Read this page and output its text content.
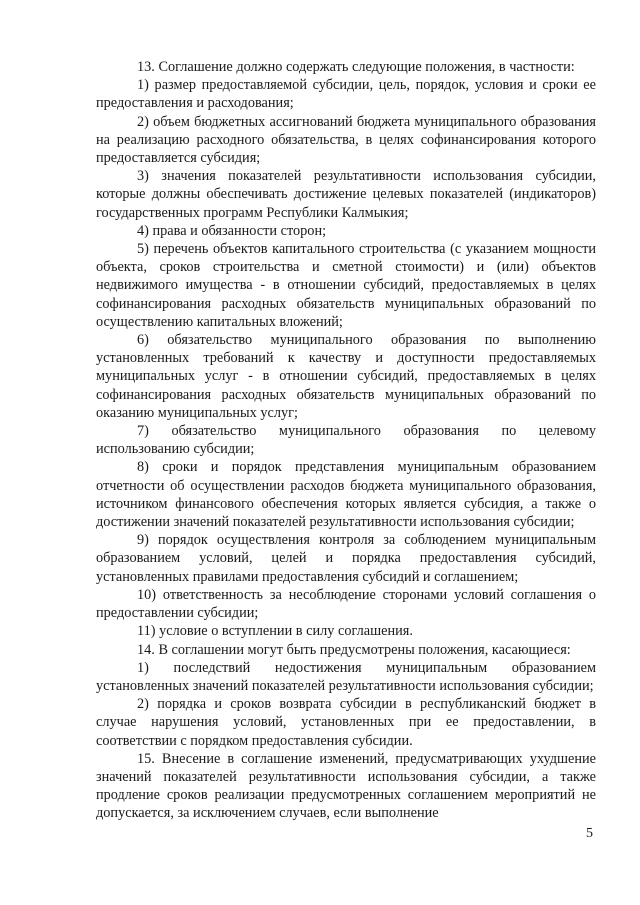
13. Соглашение должно содержать следующие положения, в частности:

1) размер предоставляемой субсидии, цель, порядок, условия и сроки ее предоставления и расходования;

2) объем бюджетных ассигнований бюджета муниципального образования на реализацию расходного обязательства, в целях софинансирования которого предоставляется субсидия;

3) значения показателей результативности использования субсидии, которые должны обеспечивать достижение целевых показателей (индикаторов) государственных программ Республики Калмыкия;

4) права и обязанности сторон;

5) перечень объектов капитального строительства (с указанием мощности объекта, сроков строительства и сметной стоимости) и (или) объектов недвижимого имущества - в отношении субсидий, предоставляемых в целях софинансирования расходных обязательств муниципальных образований по осуществлению капитальных вложений;

6) обязательство муниципального образования по выполнению установленных требований к качеству и доступности предоставляемых муниципальных услуг - в отношении субсидий, предоставляемых в целях софинансирования расходных обязательств муниципальных образований по оказанию муниципальных услуг;

7) обязательство муниципального образования по целевому использованию субсидии;

8) сроки и порядок представления муниципальным образованием отчетности об осуществлении расходов бюджета муниципального образования, источником финансового обеспечения которых является субсидия, а также о достижении значений показателей результативности использования субсидии;

9) порядок осуществления контроля за соблюдением муниципальным образованием условий, целей и порядка предоставления субсидий, установленных правилами предоставления субсидий и соглашением;

10) ответственность за несоблюдение сторонами условий соглашения о предоставлении субсидии;

11) условие о вступлении в силу соглашения.

14. В соглашении могут быть предусмотрены положения, касающиеся:

1) последствий недостижения муниципальным образованием установленных значений показателей результативности использования субсидии;

2) порядка и сроков возврата субсидии в республиканский бюджет в случае нарушения условий, установленных при ее предоставлении, в соответствии с порядком предоставления субсидии.

15. Внесение в соглашение изменений, предусматривающих ухудшение значений показателей результативности использования субсидии, а также продление сроков реализации предусмотренных соглашением мероприятий не допускается, за исключением случаев, если выполнение

5
